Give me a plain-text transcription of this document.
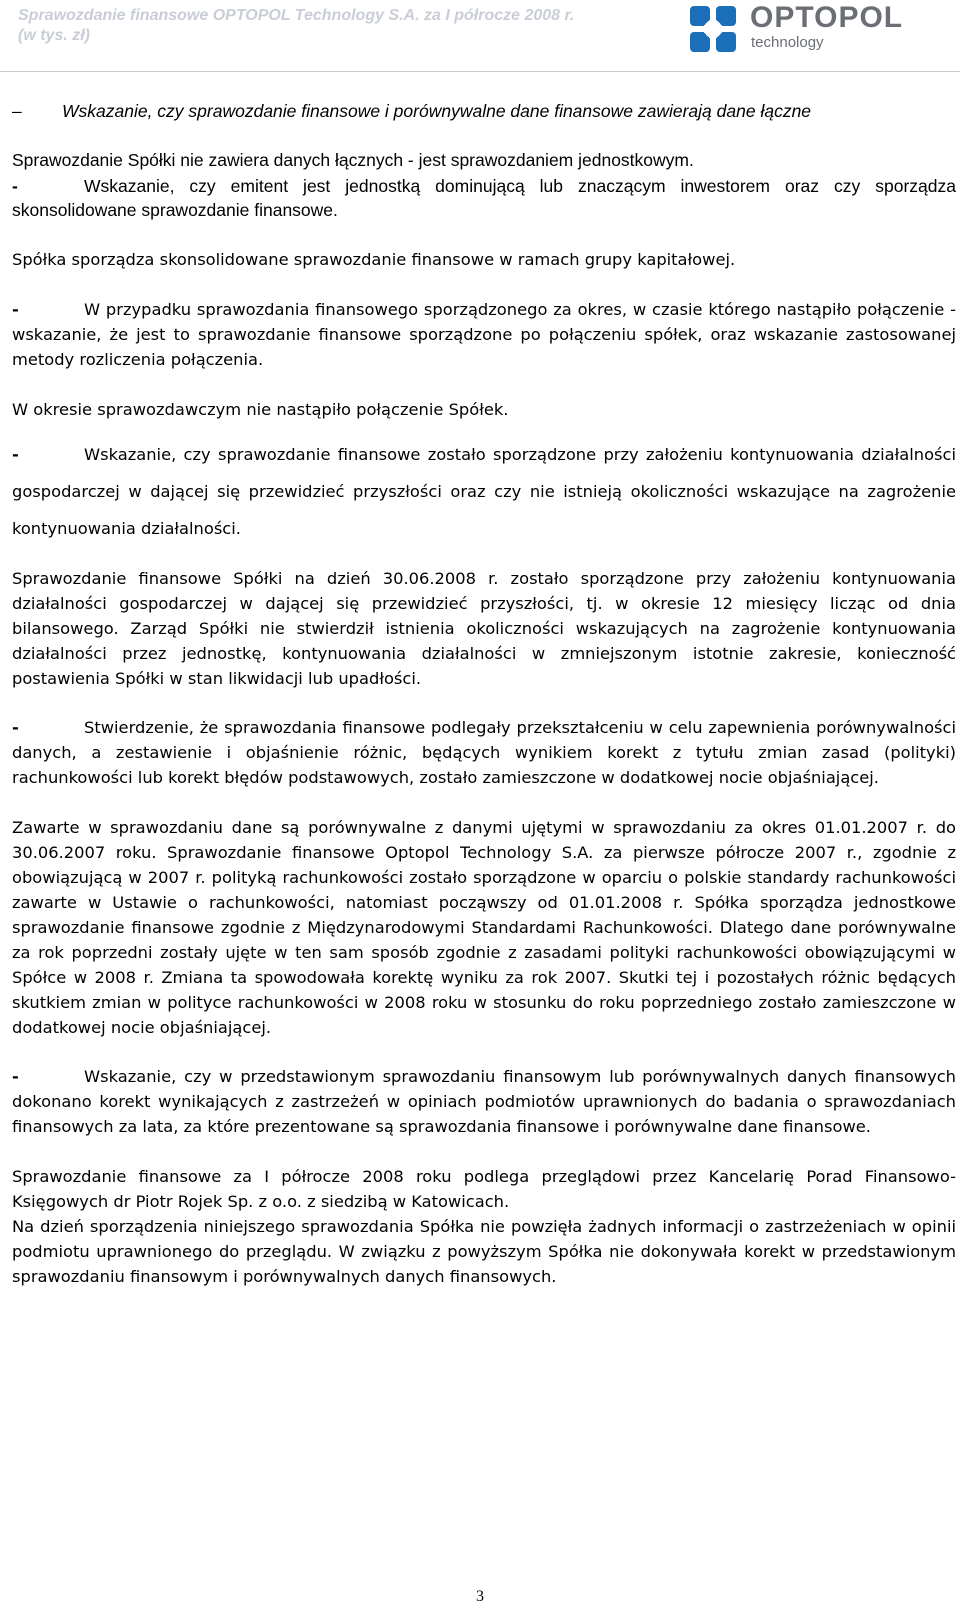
Sprawozdanie finansowe OPTOPOL Technology S.A. za I półrocze 2008 r.
(w tys. zł)
OPTOPOL
technology

– Wskazanie, czy sprawozdanie finansowe i porównywalne dane finansowe zawierają dane łączne

Sprawozdanie Spółki nie zawiera danych łącznych - jest sprawozdaniem jednostkowym.

-	Wskazanie, czy emitent jest jednostką dominującą lub znaczącym inwestorem oraz czy sporządza skonsolidowane sprawozdanie finansowe.

Spółka sporządza skonsolidowane sprawozdanie finansowe w ramach grupy kapitałowej.

-	W przypadku sprawozdania finansowego sporządzonego za okres, w czasie którego nastąpiło połączenie - wskazanie, że jest to sprawozdanie finansowe sporządzone po połączeniu spółek, oraz wskazanie zastosowanej metody rozliczenia połączenia.

W okresie sprawozdawczym nie nastąpiło połączenie Spółek.

-	Wskazanie, czy sprawozdanie finansowe zostało sporządzone przy założeniu kontynuowania działalności gospodarczej w dającej się przewidzieć przyszłości oraz czy nie istnieją okoliczności wskazujące na zagrożenie kontynuowania działalności.

Sprawozdanie finansowe Spółki na dzień 30.06.2008 r. zostało sporządzone przy założeniu kontynuowania działalności gospodarczej w dającej się przewidzieć przyszłości, tj. w okresie 12 miesięcy licząc od dnia bilansowego. Zarząd Spółki nie stwierdził istnienia okoliczności wskazujących na zagrożenie kontynuowania działalności przez jednostkę, kontynuowania działalności w zmniejszonym istotnie zakresie, konieczność postawienia Spółki w stan likwidacji lub upadłości.

-	Stwierdzenie, że sprawozdania finansowe podlegały przekształceniu w celu zapewnienia porównywalności danych, a zestawienie i objaśnienie różnic, będących wynikiem korekt z tytułu zmian zasad (polityki) rachunkowości lub korekt błędów podstawowych, zostało zamieszczone w dodatkowej nocie objaśniającej.

Zawarte w sprawozdaniu dane są porównywalne z danymi ujętymi w sprawozdaniu za okres 01.01.2007 r. do 30.06.2007 roku. Sprawozdanie finansowe Optopol Technology S.A. za pierwsze półrocze 2007 r., zgodnie z obowiązującą w 2007 r. polityką rachunkowości zostało sporządzone w oparciu o polskie standardy rachunkowości zawarte w Ustawie o rachunkowości, natomiast począwszy od 01.01.2008 r. Spółka sporządza jednostkowe sprawozdanie finansowe zgodnie z Międzynarodowymi Standardami Rachunkowości. Dlatego dane porównywalne za rok poprzedni zostały ujęte w ten sam sposób zgodnie z zasadami polityki rachunkowości obowiązującymi w Spółce w 2008 r. Zmiana ta spowodowała korektę wyniku za rok 2007. Skutki tej i pozostałych różnic będących skutkiem zmian w polityce rachunkowości w 2008 roku w stosunku do roku poprzedniego zostało zamieszczone w dodatkowej nocie objaśniającej.

-	Wskazanie, czy w przedstawionym sprawozdaniu finansowym lub porównywalnych danych finansowych dokonano korekt wynikających z zastrzeżeń w opiniach podmiotów uprawnionych do badania o sprawozdaniach finansowych za lata, za które prezentowane są sprawozdania finansowe i porównywalne dane finansowe.

Sprawozdanie finansowe za I półrocze 2008 roku podlega przeglądowi przez Kancelarię Porad Finansowo-Księgowych dr Piotr Rojek Sp. z o.o. z siedzibą w Katowicach.

Na dzień sporządzenia niniejszego sprawozdania Spółka nie powzięła żadnych informacji o zastrzeżeniach w opinii podmiotu uprawnionego do przeglądu. W związku z powyższym Spółka nie dokonywała korekt w przedstawionym sprawozdaniu finansowym i porównywalnych danych finansowych.

3
